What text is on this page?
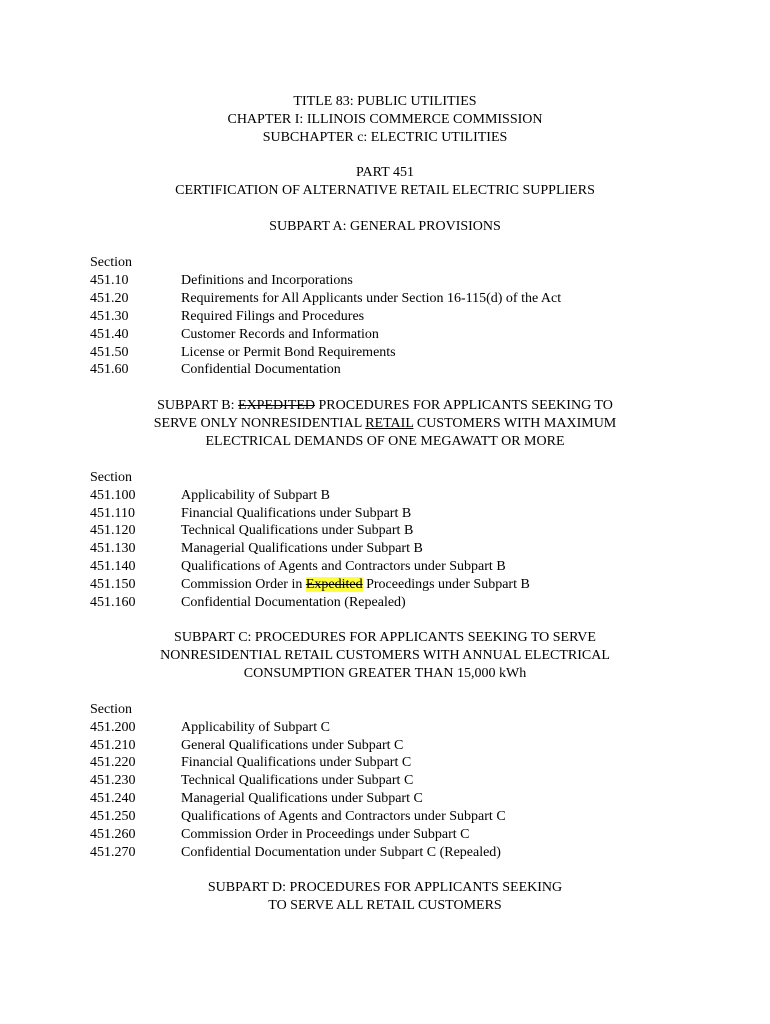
TITLE 83: PUBLIC UTILITIES
CHAPTER I: ILLINOIS COMMERCE COMMISSION
SUBCHAPTER c: ELECTRIC UTILITIES
PART 451
CERTIFICATION OF ALTERNATIVE RETAIL ELECTRIC SUPPLIERS
SUBPART A: GENERAL PROVISIONS
Section
451.10	Definitions and Incorporations
451.20	Requirements for All Applicants under Section 16-115(d) of the Act
451.30	Required Filings and Procedures
451.40	Customer Records and Information
451.50	License or Permit Bond Requirements
451.60	Confidential Documentation
SUBPART B: EXPEDITED PROCEDURES FOR APPLICANTS SEEKING TO
SERVE ONLY NONRESIDENTIAL RETAIL CUSTOMERS WITH MAXIMUM
ELECTRICAL DEMANDS OF ONE MEGAWATT OR MORE
Section
451.100	Applicability of Subpart B
451.110	Financial Qualifications under Subpart B
451.120	Technical Qualifications under Subpart B
451.130	Managerial Qualifications under Subpart B
451.140	Qualifications of Agents and Contractors under Subpart B
451.150	Commission Order in Expedited Proceedings under Subpart B
451.160	Confidential Documentation (Repealed)
SUBPART C: PROCEDURES FOR APPLICANTS SEEKING TO SERVE
NONRESIDENTIAL RETAIL CUSTOMERS WITH ANNUAL ELECTRICAL
CONSUMPTION GREATER THAN 15,000 kWh
Section
451.200	Applicability of Subpart C
451.210	General Qualifications under Subpart C
451.220	Financial Qualifications under Subpart C
451.230	Technical Qualifications under Subpart C
451.240	Managerial Qualifications under Subpart C
451.250	Qualifications of Agents and Contractors under Subpart C
451.260	Commission Order in Proceedings under Subpart C
451.270	Confidential Documentation under Subpart C (Repealed)
SUBPART D: PROCEDURES FOR APPLICANTS SEEKING
TO SERVE ALL RETAIL CUSTOMERS
